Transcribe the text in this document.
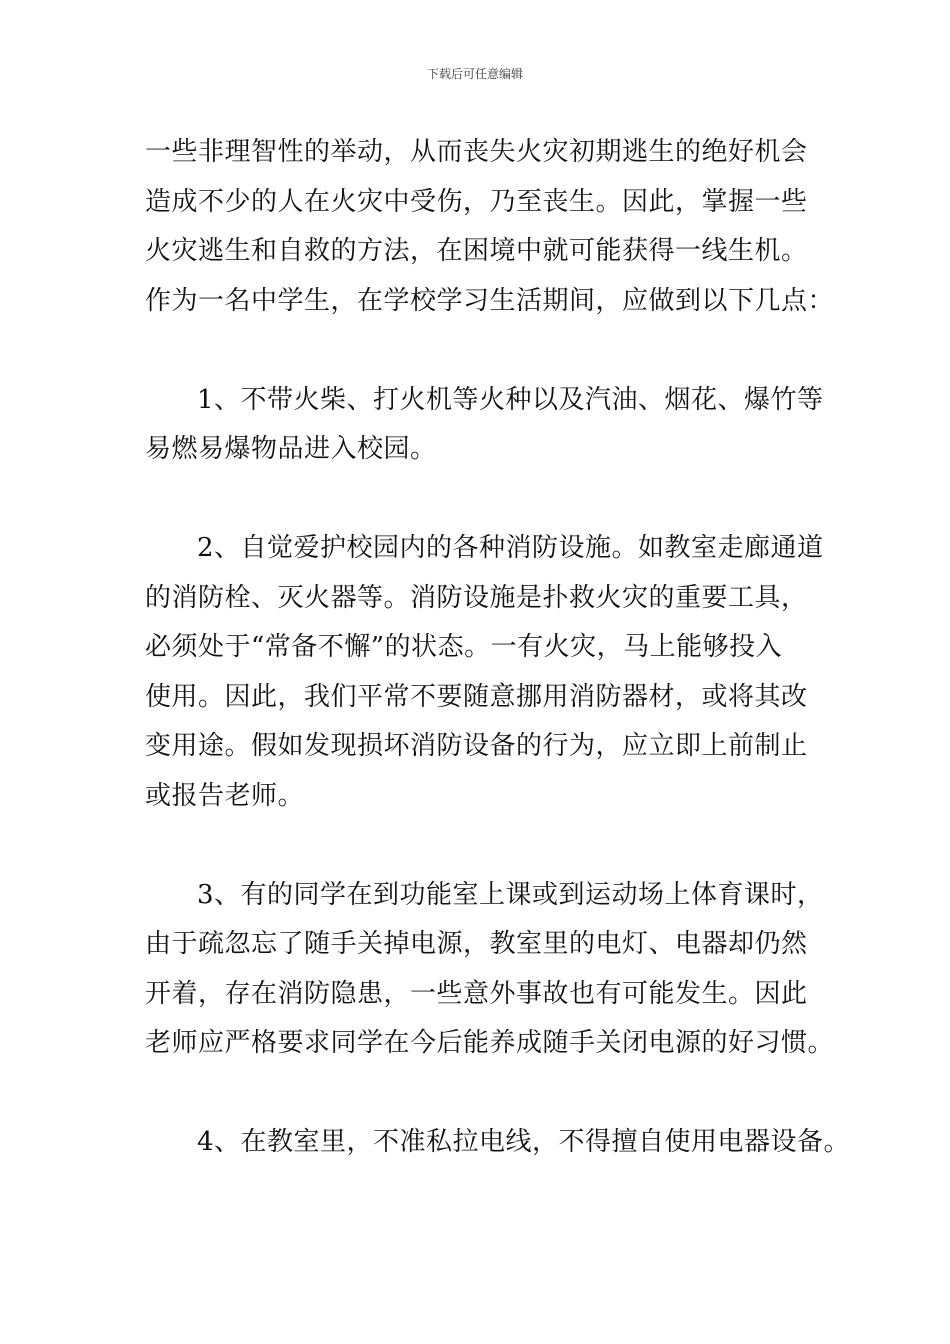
下载后可任意编辑

一些非理智性的举动，从而丧失火灾初期逃生的绝好机会
造成不少的人在火灾中受伤，乃至丧生。因此，掌握一些
火灾逃生和自救的方法，在困境中就可能获得一线生机。
作为一名中学生，在学校学习生活期间，应做到以下几点：

1、不带火柴、打火机等火种以及汽油、烟花、爆竹等
易燃易爆物品进入校园。

2、自觉爱护校园内的各种消防设施。如教室走廊通道
的消防栓、灭火器等。消防设施是扑救火灾的重要工具，
必须处于“常备不懈”的状态。一有火灾，马上能够投入
使用。因此，我们平常不要随意挪用消防器材，或将其改
变用途。假如发现损坏消防设备的行为，应立即上前制止
或报告老师。

3、有的同学在到功能室上课或到运动场上体育课时，
由于疏忽忘了随手关掉电源，教室里的电灯、电器却仍然
开着，存在消防隐患，一些意外事故也有可能发生。因此
老师应严格要求同学在今后能养成随手关闭电源的好习惯。

4、在教室里，不准私拉电线，不得擅自使用电器设备。
